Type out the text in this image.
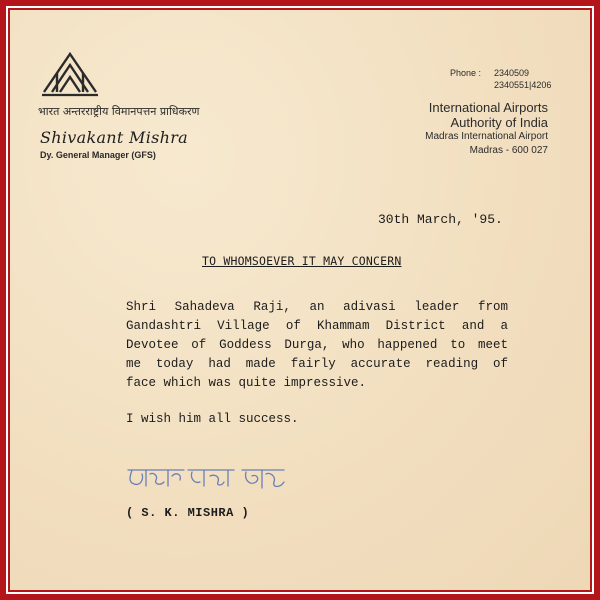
भारत अन्तरराष्ट्रीय विमानपत्तन प्राधिकरण
Shivakant Mishra
Dy. General Manager (GFS)
Phone : 2340509
2340551|4206
International Airports
Authority of India
Madras International Airport
Madras - 600 027
30th March, '95.
TO WHOMSOEVER IT MAY CONCERN
Shri Sahadeva Raji, an adivasi leader from
Gandashtri Village of Khammam District and a
Devotee of Goddess Durga, who happened to meet
me today had made fairly accurate reading of
face which was quite impressive.
I wish him all success.
( S. K. MISHRA )
